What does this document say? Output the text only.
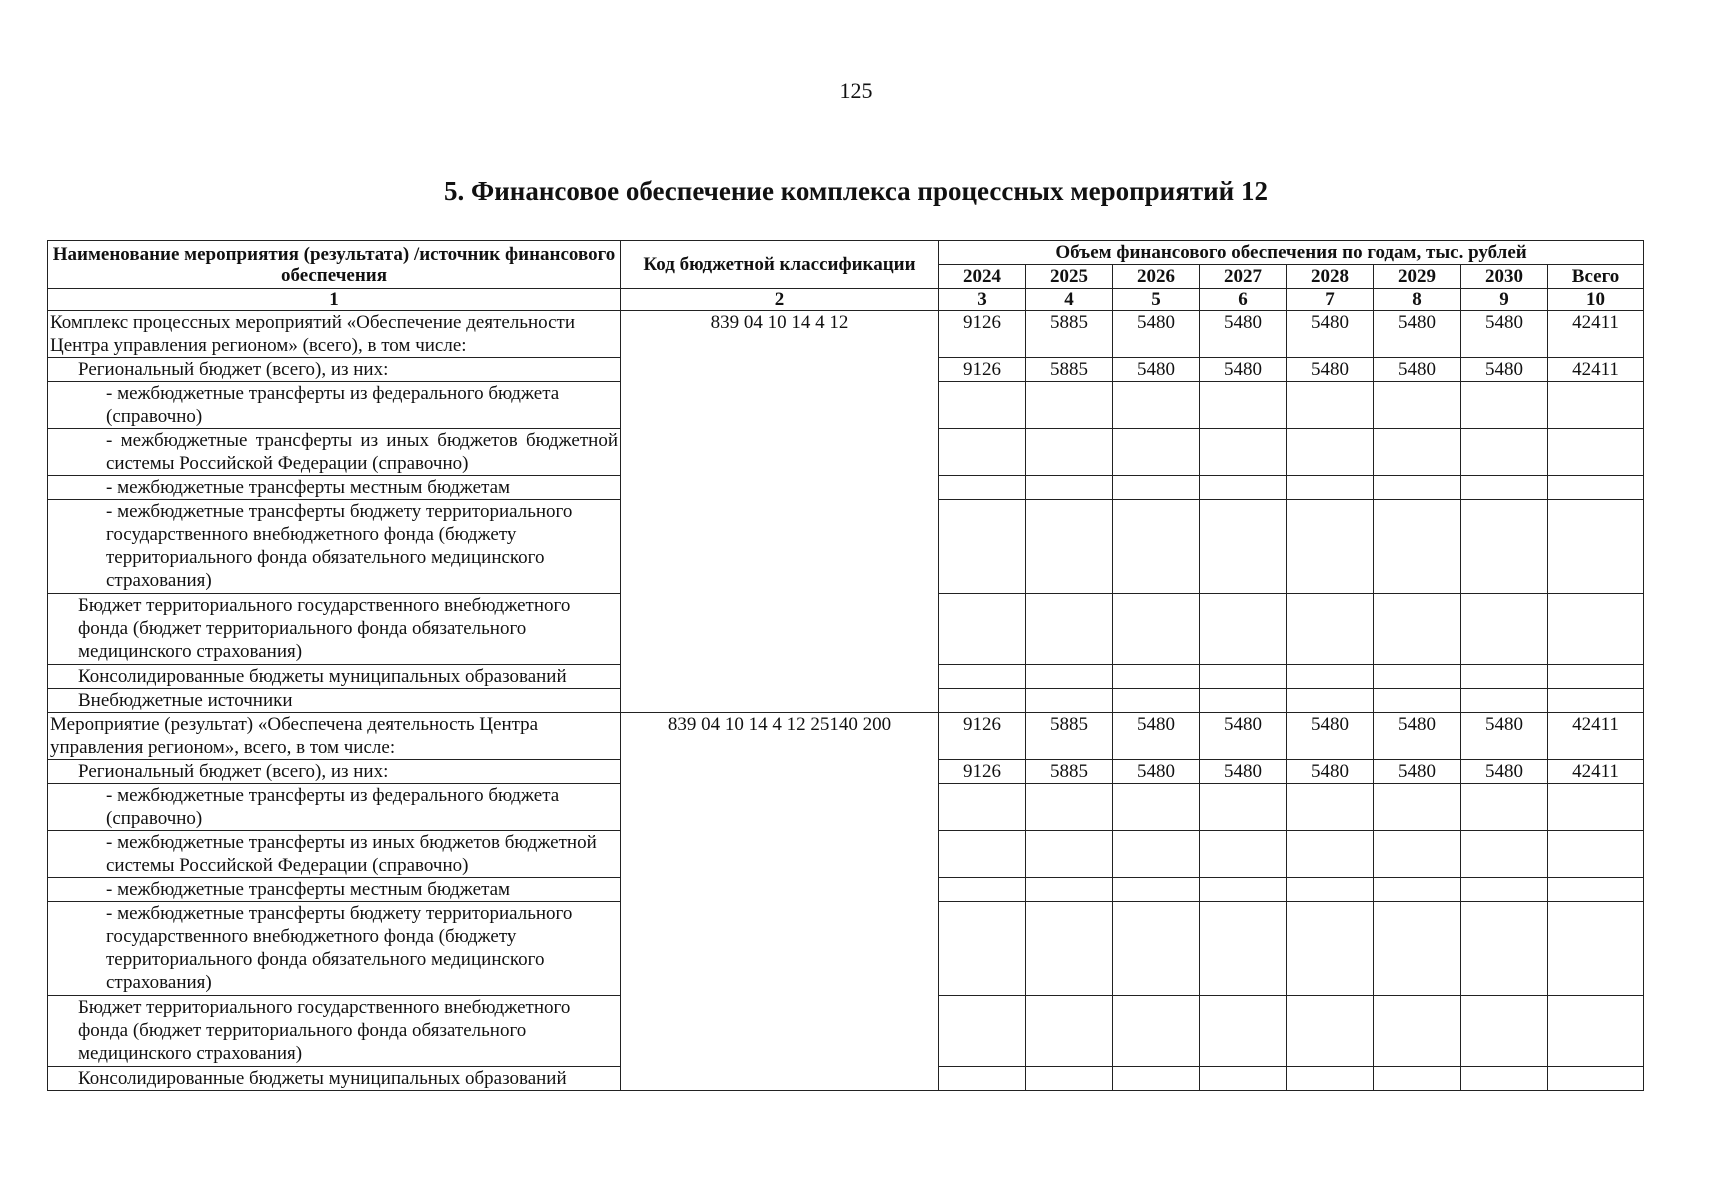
125
5. Финансовое обеспечение комплекса процессных мероприятий 12
Наименование мероприятия (результата) /источник финансового обеспечения	Код бюджетной классификации	Объем финансового обеспечения по годам, тыс. рублей							
		2024	2025	2026	2027	2028	2029	2030	Всего
1	2	3	4	5	6	7	8	9	10
Комплекс процессных мероприятий «Обеспечение деятельности Центра управления регионом» (всего), в том числе:	839 04 10 14 4 12	9126	5885	5480	5480	5480	5480	5480	42411
Региональный бюджет (всего), из них:		9126	5885	5480	5480	5480	5480	5480	42411
- межбюджетные трансферты из федерального бюджета (справочно)									
- межбюджетные трансферты из иных бюджетов бюджетной системы Российской Федерации (справочно)									
- межбюджетные трансферты местным бюджетам									
- межбюджетные трансферты бюджету территориального государственного внебюджетного фонда (бюджету территориального фонда обязательного медицинского страхования)									
Бюджет территориального государственного внебюджетного фонда (бюджет территориального фонда обязательного медицинского страхования)									
Консолидированные бюджеты муниципальных образований									
Внебюджетные источники									
Мероприятие (результат) «Обеспечена деятельность Центра управления регионом», всего, в том числе:	839 04 10 14 4 12 25140 200	9126	5885	5480	5480	5480	5480	5480	42411
Региональный бюджет (всего), из них:		9126	5885	5480	5480	5480	5480	5480	42411
- межбюджетные трансферты из федерального бюджета (справочно)									
- межбюджетные трансферты из иных бюджетов бюджетной системы Российской Федерации (справочно)									
- межбюджетные трансферты местным бюджетам									
- межбюджетные трансферты бюджету территориального государственного внебюджетного фонда (бюджету территориального фонда обязательного медицинского страхования)									
Бюджет территориального государственного внебюджетного фонда (бюджет территориального фонда обязательного медицинского страхования)									
Консолидированные бюджеты муниципальных образований									
